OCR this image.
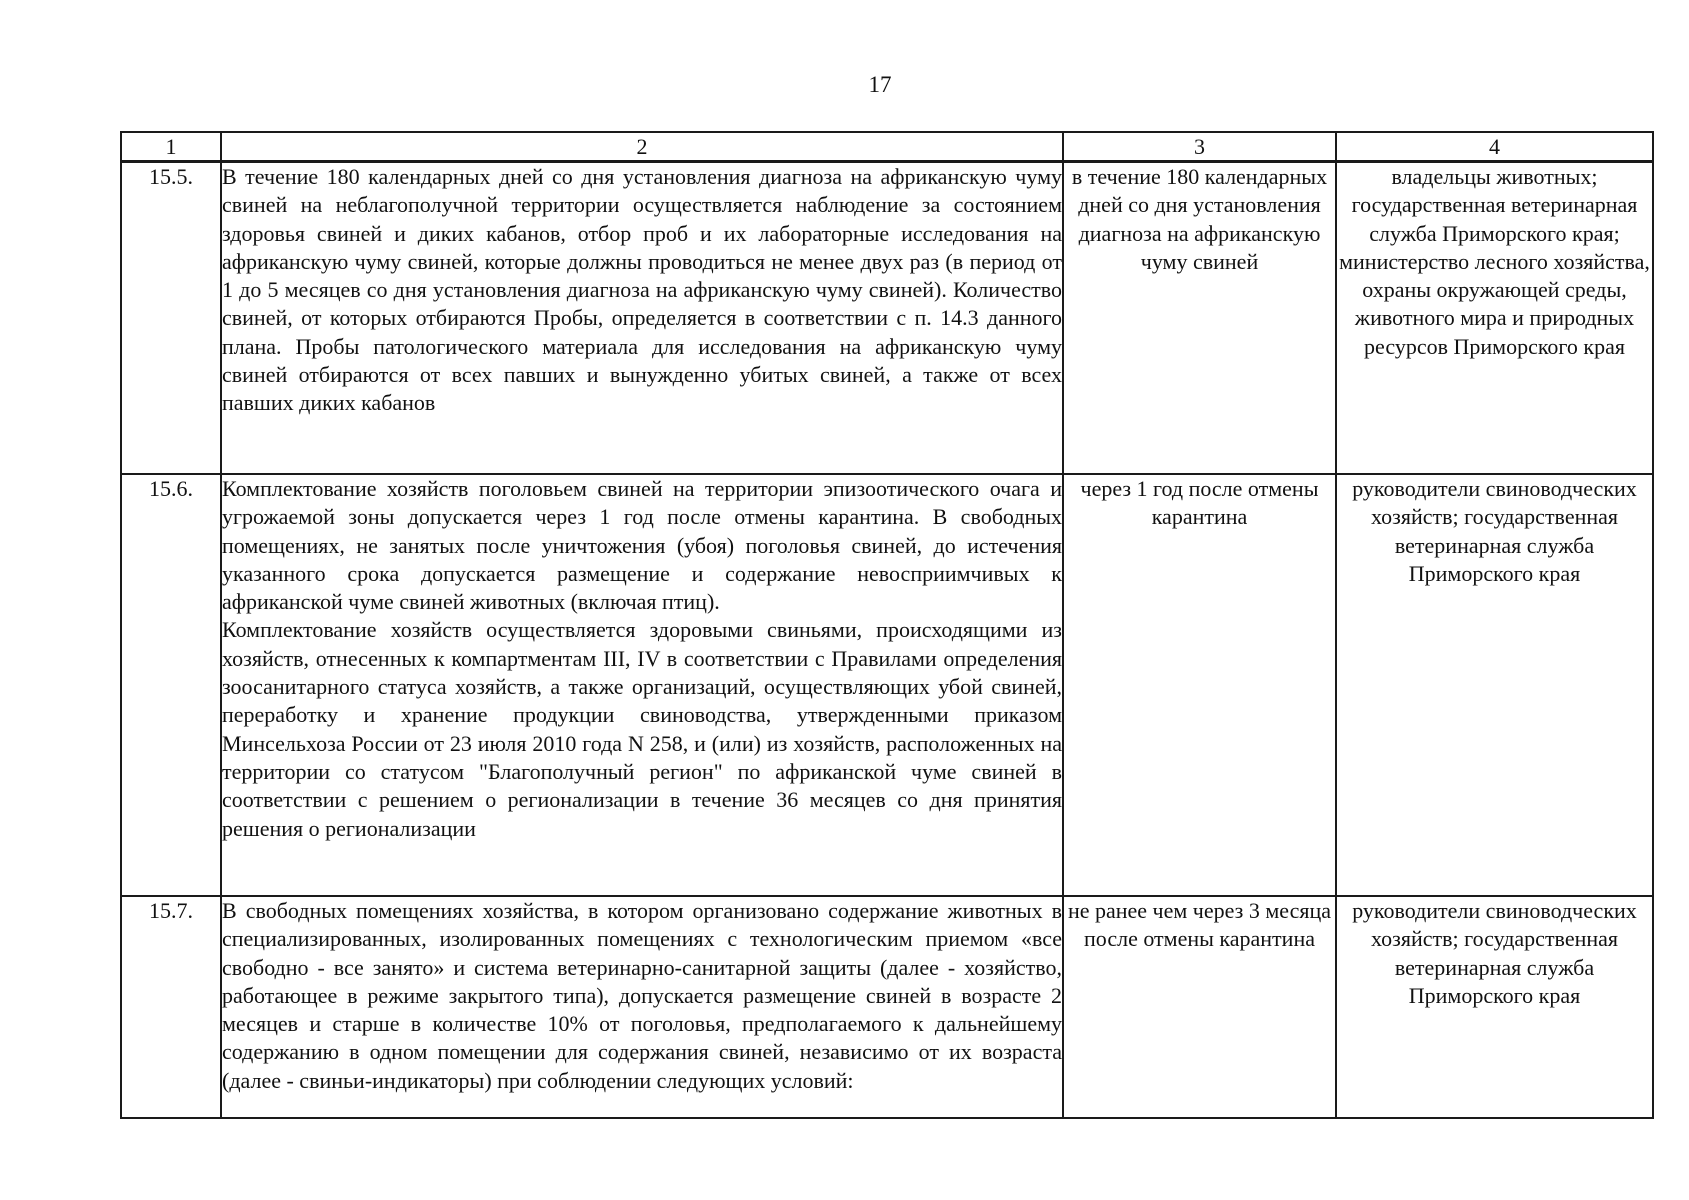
17
1	2	3	4
15.5.	В течение 180 календарных дней со дня установления диагноза на африканскую чуму свиней на неблагополучной территории осуществляется наблюдение за состоянием здоровья свиней и диких кабанов, отбор проб и их лабораторные исследования на африканскую чуму свиней, которые должны проводиться не менее двух раз (в период от 1 до 5 месяцев со дня установления диагноза на африканскую чуму свиней). Количество свиней, от которых отбираются Пробы, определяется в соответствии с п. 14.3 данного плана. Пробы патологического материала для исследования на африканскую чуму свиней отбираются от всех павших и вынужденно убитых свиней, а также от всех павших диких кабанов	в течение 180 календарных дней со дня установления диагноза на африканскую чуму свиней	владельцы животных; государственная ветеринарная служба Приморского края; министерство лесного хозяйства, охраны окружающей среды, животного мира и природных ресурсов Приморского края
15.6.	Комплектование хозяйств поголовьем свиней на территории эпизоотического очага и угрожаемой зоны допускается через 1 год после отмены карантина. В свободных помещениях, не занятых после уничтожения (убоя) поголовья свиней, до истечения указанного срока допускается размещение и содержание невосприимчивых к африканской чуме свиней животных (включая птиц).

Комплектование хозяйств осуществляется здоровыми свиньями, происходящими из хозяйств, отнесенных к компартментам III, IV в соответствии с Правилами определения зоосанитарного статуса хозяйств, а также организаций, осуществляющих убой свиней, переработку и хранение продукции свиноводства, утвержденными приказом Минсельхоза России от 23 июля 2010 года N 258, и (или) из хозяйств, расположенных на территории со статусом "Благополучный регион" по африканской чуме свиней в соответствии с решением о регионализации в течение 36 месяцев со дня принятия решения о регионализации	через 1 год после отмены карантина	руководители свиноводческих хозяйств; государственная ветеринарная служба Приморского края
15.7.	В свободных помещениях хозяйства, в котором организовано содержание животных в специализированных, изолированных помещениях с технологическим приемом «все свободно - все занято» и система ветеринарно-санитарной защиты (далее - хозяйство, работающее в режиме закрытого типа), допускается размещение свиней в возрасте 2 месяцев и старше в количестве 10% от поголовья, предполагаемого к дальнейшему содержанию в одном помещении для содержания свиней, независимо от их возраста (далее - свиньи-индикаторы) при соблюдении следующих условий:	не ранее чем через 3 месяца после отмены карантина	руководители свиноводческих хозяйств; государственная ветеринарная служба Приморского края
